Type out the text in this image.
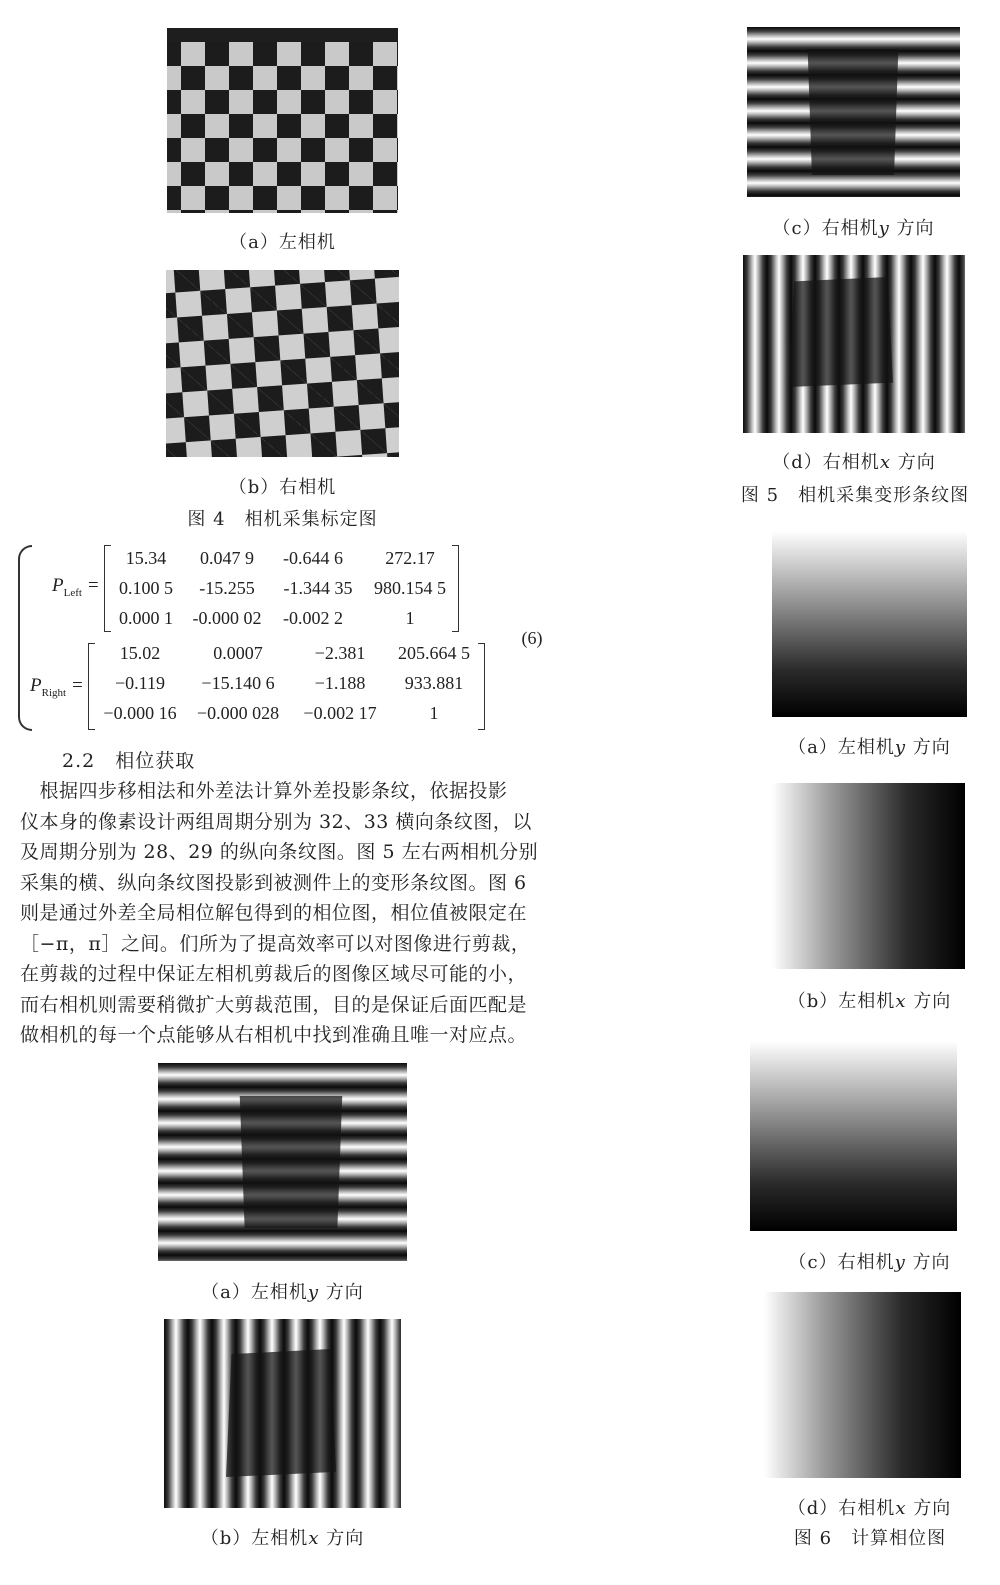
（a）左相机
（b）右相机
图 4　相机采集标定图
$P_{Left}$ =
15.34	0.047 9	-0.644 6	272.17
0.100 5	-15.255	-1.344 35	980.154 5
0.000 1	-0.000 02	-0.002 2	1
$P_{Right}$ =
15.02	0.0007	−2.381	205.664 5
−0.119	−15.140 6	−1.188	933.881
−0.000 16	−0.000 028	−0.002 17	1
(6)
2.2　相位获取
　根据四步移相法和外差法计算外差投影条纹，依据投影
仪本身的像素设计两组周期分别为 32、33 横向条纹图，以
及周期分别为 28、29 的纵向条纹图。图 5 左右两相机分别
采集的横、纵向条纹图投影到被测件上的变形条纹图。图 6
则是通过外差全局相位解包得到的相位图，相位值被限定在
［−π，π］之间。们所为了提高效率可以对图像进行剪裁，
在剪裁的过程中保证左相机剪裁后的图像区域尽可能的小，
而右相机则需要稍微扩大剪裁范围，目的是保证后面匹配是
做相机的每一个点能够从右相机中找到准确且唯一对应点。
（a）左相机y 方向
（b）左相机x 方向
（c）右相机y 方向
（d）右相机x 方向
图 5　相机采集变形条纹图
（a）左相机y 方向
（b）左相机x 方向
（c）右相机y 方向
（d）右相机x 方向
图 6　计算相位图
